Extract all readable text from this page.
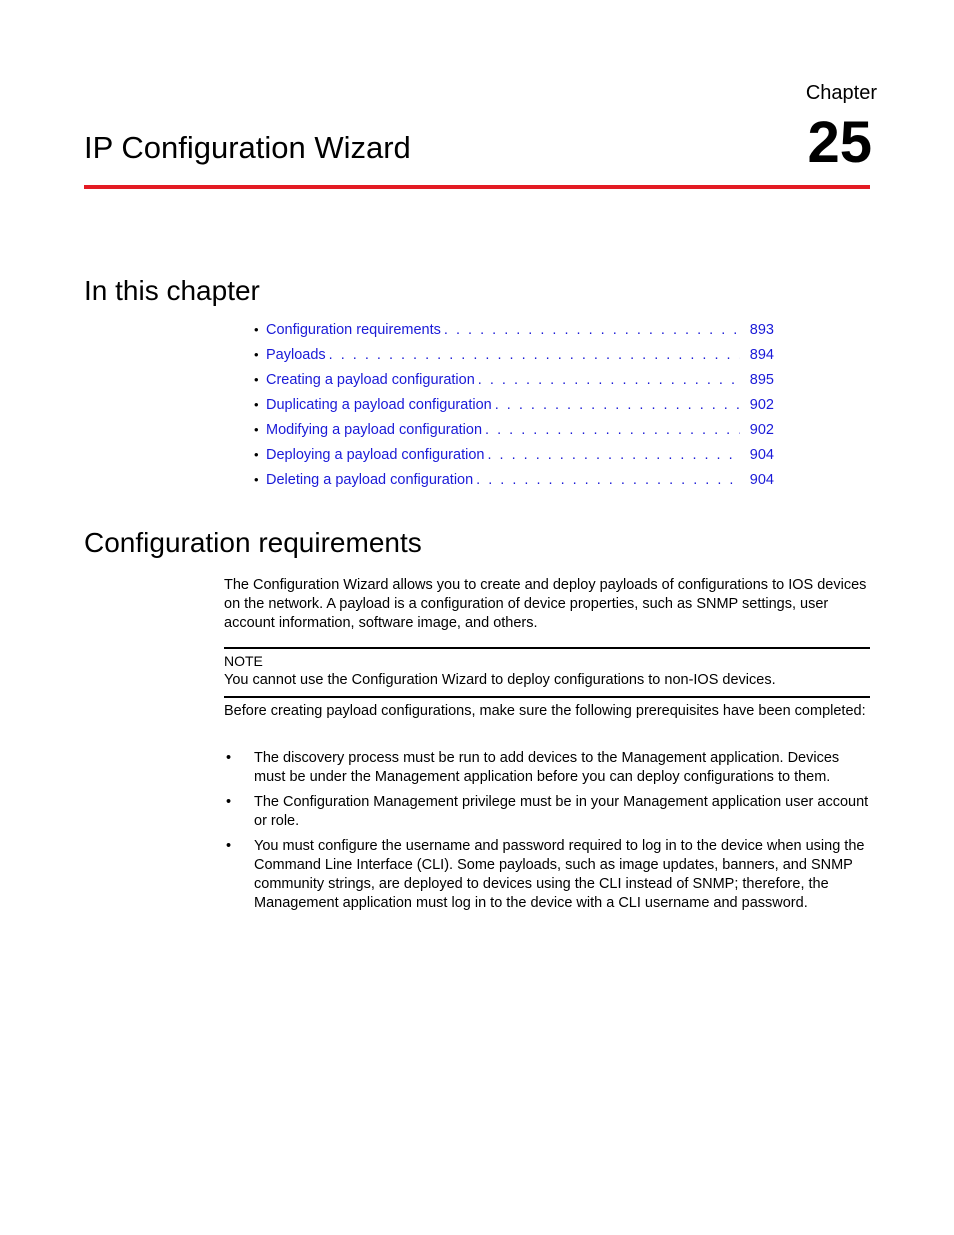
Chapter
25
IP Configuration Wizard
In this chapter
• Configuration requirements . . .	893
• Payloads . . .	894
• Creating a payload configuration . . .	895
• Duplicating a payload configuration . . .	902
• Modifying a payload configuration . . .	902
• Deploying a payload configuration . . .	904
• Deleting a payload configuration . . .	904
Configuration requirements

The Configuration Wizard allows you to create and deploy payloads of configurations to IOS devices on the network. A payload is a configuration of device properties, such as SNMP settings, user account information, software image, and others.

NOTE
You cannot use the Configuration Wizard to deploy configurations to non-IOS devices.

Before creating payload configurations, make sure the following prerequisites have been completed:

•	The discovery process must be run to add devices to the Management application. Devices must be under the Management application before you can deploy configurations to them.
•	The Configuration Management privilege must be in your Management application user account or role.
•	You must configure the username and password required to log in to the device when using the Command Line Interface (CLI). Some payloads, such as image updates, banners, and SNMP community strings, are deployed to devices using the CLI instead of SNMP; therefore, the Management application must log in to the device with a CLI username and password.
